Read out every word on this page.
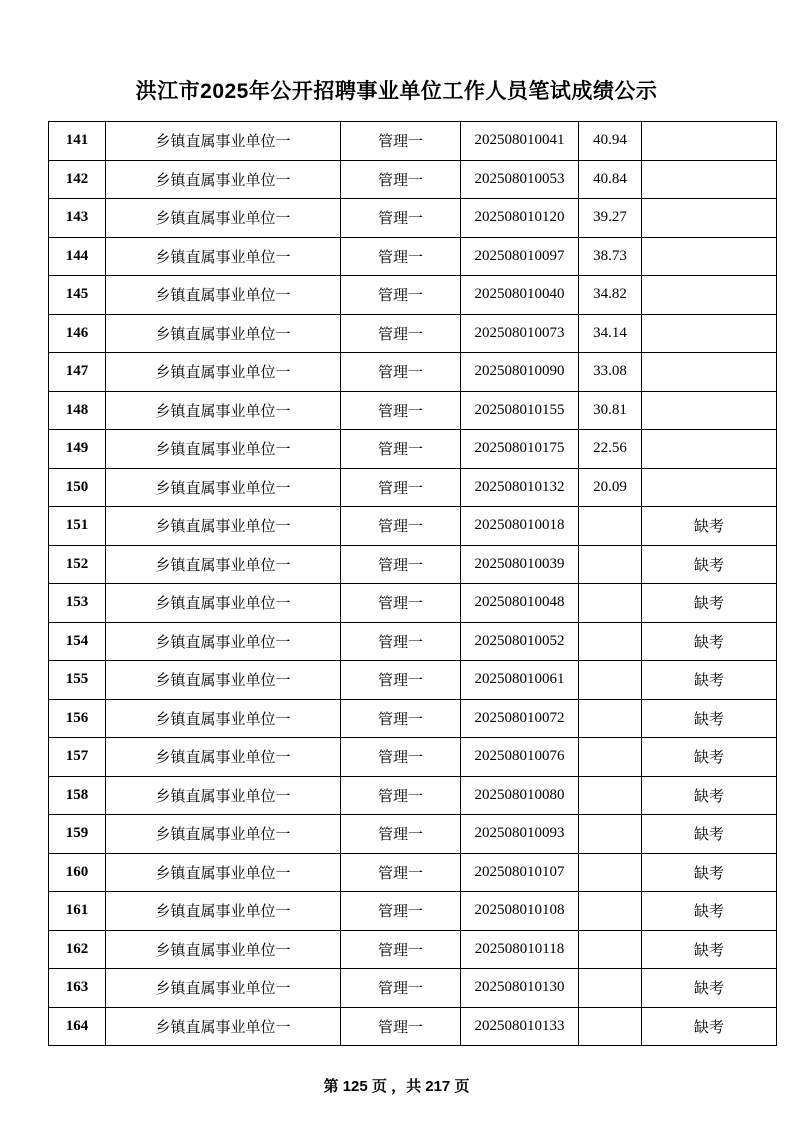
洪江市2025年公开招聘事业单位工作人员笔试成绩公示
141	乡镇直属事业单位一	管理一	202508010041	40.94	
142	乡镇直属事业单位一	管理一	202508010053	40.84	
143	乡镇直属事业单位一	管理一	202508010120	39.27	
144	乡镇直属事业单位一	管理一	202508010097	38.73	
145	乡镇直属事业单位一	管理一	202508010040	34.82	
146	乡镇直属事业单位一	管理一	202508010073	34.14	
147	乡镇直属事业单位一	管理一	202508010090	33.08	
148	乡镇直属事业单位一	管理一	202508010155	30.81	
149	乡镇直属事业单位一	管理一	202508010175	22.56	
150	乡镇直属事业单位一	管理一	202508010132	20.09	
151	乡镇直属事业单位一	管理一	202508010018		缺考
152	乡镇直属事业单位一	管理一	202508010039		缺考
153	乡镇直属事业单位一	管理一	202508010048		缺考
154	乡镇直属事业单位一	管理一	202508010052		缺考
155	乡镇直属事业单位一	管理一	202508010061		缺考
156	乡镇直属事业单位一	管理一	202508010072		缺考
157	乡镇直属事业单位一	管理一	202508010076		缺考
158	乡镇直属事业单位一	管理一	202508010080		缺考
159	乡镇直属事业单位一	管理一	202508010093		缺考
160	乡镇直属事业单位一	管理一	202508010107		缺考
161	乡镇直属事业单位一	管理一	202508010108		缺考
162	乡镇直属事业单位一	管理一	202508010118		缺考
163	乡镇直属事业单位一	管理一	202508010130		缺考
164	乡镇直属事业单位一	管理一	202508010133		缺考
第 125 页 ，共 217 页
